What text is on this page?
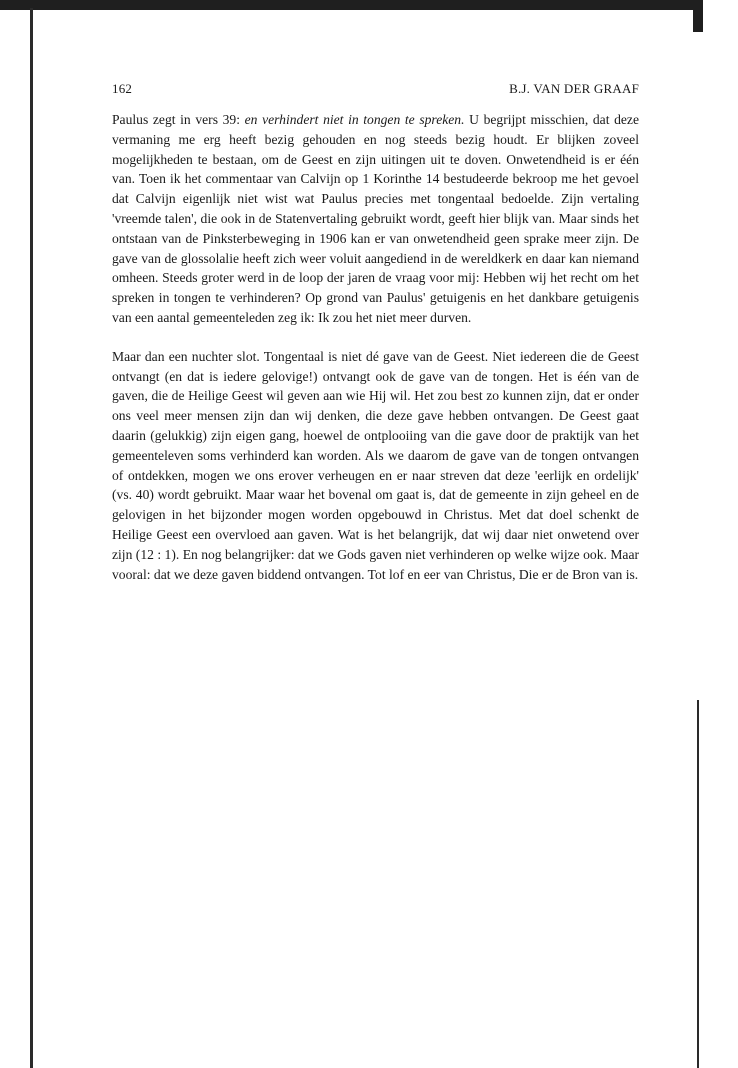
162	B.J. VAN DER GRAAF

Paulus zegt in vers 39: en verhindert niet in tongen te spreken. U begrijpt misschien, dat deze vermaning me erg heeft bezig gehouden en nog steeds bezig houdt. Er blijken zoveel mogelijkheden te bestaan, om de Geest en zijn uitingen uit te doven. Onwetendheid is er één van. Toen ik het commentaar van Calvijn op 1 Korinthe 14 bestudeerde bekroop me het gevoel dat Calvijn eigenlijk niet wist wat Paulus precies met tongentaal bedoelde. Zijn vertaling 'vreemde talen', die ook in de Statenvertaling gebruikt wordt, geeft hier blijk van. Maar sinds het ontstaan van de Pinksterbeweging in 1906 kan er van onwetendheid geen sprake meer zijn. De gave van de glossolalie heeft zich weer voluit aangediend in de wereldkerk en daar kan niemand omheen. Steeds groter werd in de loop der jaren de vraag voor mij: Hebben wij het recht om het spreken in tongen te verhinderen? Op grond van Paulus' getuigenis en het dankbare getuigenis van een aantal gemeenteleden zeg ik: Ik zou het niet meer durven.

Maar dan een nuchter slot. Tongentaal is niet dé gave van de Geest. Niet iedereen die de Geest ontvangt (en dat is iedere gelovige!) ontvangt ook de gave van de tongen. Het is één van de gaven, die de Heilige Geest wil geven aan wie Hij wil. Het zou best zo kunnen zijn, dat er onder ons veel meer mensen zijn dan wij denken, die deze gave hebben ontvangen. De Geest gaat daarin (gelukkig) zijn eigen gang, hoewel de ontplooiing van die gave door de praktijk van het gemeenteleven soms verhinderd kan worden. Als we daarom de gave van de tongen ontvangen of ontdekken, mogen we ons erover verheugen en er naar streven dat deze 'eerlijk en ordelijk' (vs. 40) wordt gebruikt. Maar waar het bovenal om gaat is, dat de gemeente in zijn geheel en de gelovigen in het bijzonder mogen worden opgebouwd in Christus. Met dat doel schenkt de Heilige Geest een overvloed aan gaven. Wat is het belangrijk, dat wij daar niet onwetend over zijn (12 : 1). En nog belangrijker: dat we Gods gaven niet verhinderen op welke wijze ook. Maar vooral: dat we deze gaven biddend ontvangen. Tot lof en eer van Christus, Die er de Bron van is.
